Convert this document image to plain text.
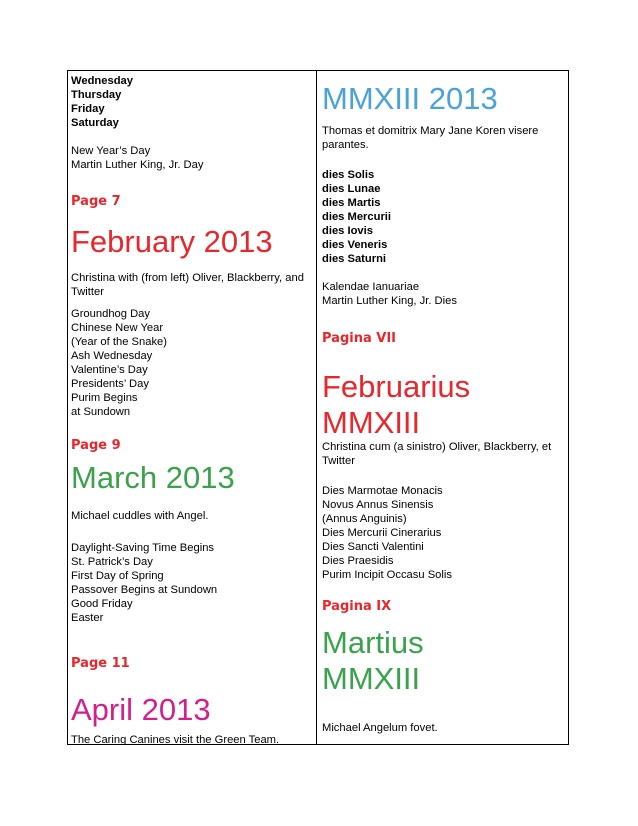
Wednesday

Thursday

Friday

Saturday

New Year’s Day

Martin Luther King, Jr. Day

Page 7

February 2013

Christina with (from left) Oliver, Blackberry, and Twitter

Groundhog Day

Chinese New Year

(Year of the Snake)

Ash Wednesday

Valentine’s Day

Presidents’ Day

Purim Begins

at Sundown

Page 9

March 2013

Michael cuddles with Angel.

Daylight-Saving Time Begins

St. Patrick’s Day

First Day of Spring

Passover Begins at Sundown

Good Friday

Easter

Page 11

April 2013

The Caring Canines visit the Green Team.

MMXIII 2013

Thomas et domitrix Mary Jane Koren visere parantes.

dies Solis

dies Lunae

dies Martis

dies Mercurii

dies Iovis

dies Veneris

dies Saturni

Kalendae Ianuariae

Martin Luther King, Jr. Dies

Pagina VII

Februarius

MMXIII

Christina cum (a sinistro) Oliver, Blackberry, et Twitter

Dies Marmotae Monacis

Novus Annus Sinensis

(Annus Anguinis)

Dies Mercurii Cinerarius

Dies Sancti Valentini

Dies Praesidis

Purim Incipit Occasu Solis

Pagina IX

Martius

MMXIII

Michael Angelum fovet.
